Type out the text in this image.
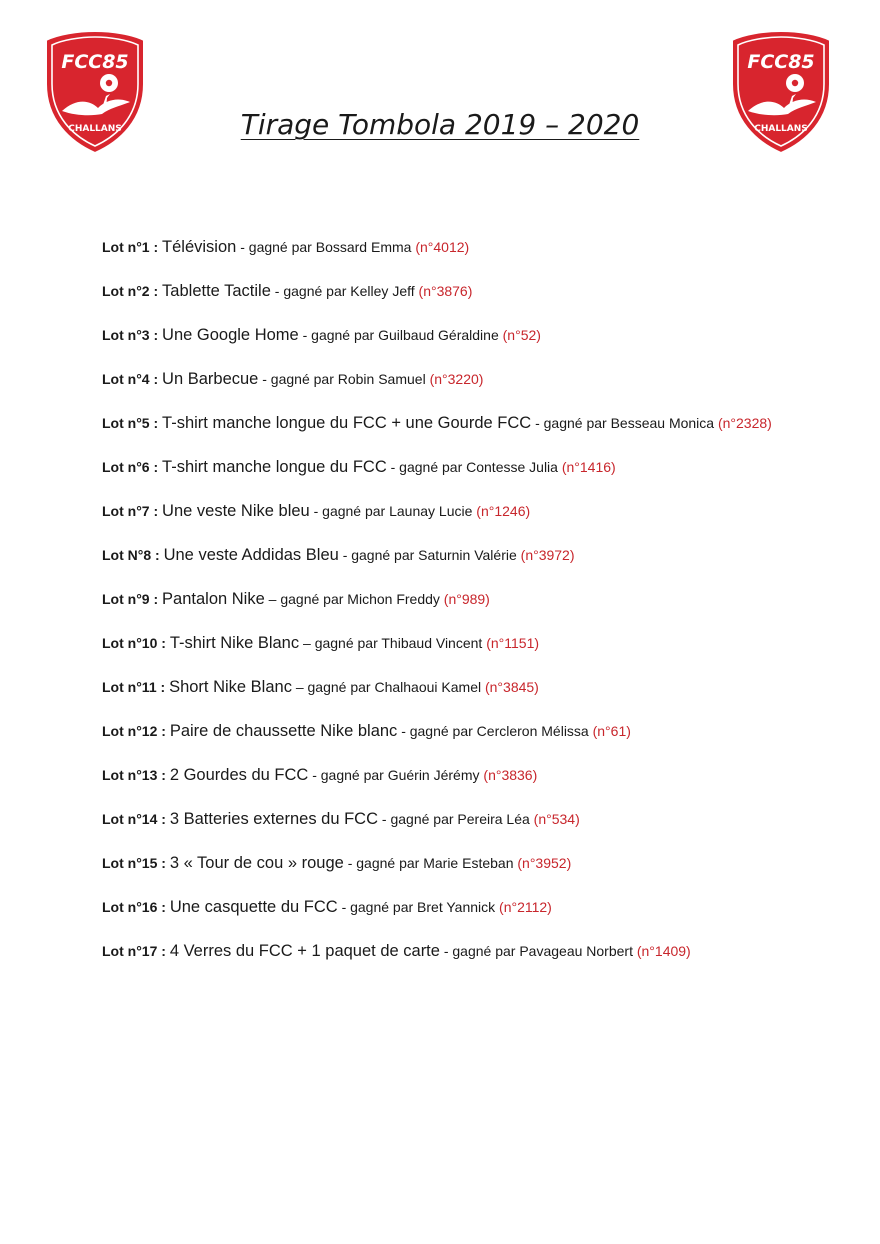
FCC85
CHALLANS
FCC85
CHALLANS
Tirage Tombola 2019 – 2020
Lot n°1 : Télévision - gagné par Bossard Emma (n°4012)
Lot n°2 : Tablette Tactile - gagné par Kelley Jeff (n°3876)
Lot n°3 : Une Google Home - gagné par Guilbaud Géraldine (n°52)
Lot n°4 : Un Barbecue - gagné par Robin Samuel (n°3220)
Lot n°5 : T-shirt manche longue du FCC + une Gourde FCC - gagné par Besseau Monica (n°2328)
Lot n°6 : T-shirt manche longue du FCC - gagné par Contesse Julia (n°1416)
Lot n°7 : Une veste Nike bleu - gagné par Launay Lucie (n°1246)
Lot N°8 : Une veste Addidas Bleu - gagné par Saturnin Valérie (n°3972)
Lot n°9 : Pantalon Nike – gagné par Michon Freddy (n°989)
Lot n°10 : T-shirt Nike Blanc – gagné par Thibaud Vincent (n°1151)
Lot n°11 : Short Nike Blanc – gagné par Chalhaoui Kamel (n°3845)
Lot n°12 : Paire de chaussette Nike blanc - gagné par Cercleron Mélissa (n°61)
Lot n°13 : 2 Gourdes du FCC - gagné par Guérin Jérémy (n°3836)
Lot n°14 : 3 Batteries externes du FCC - gagné par Pereira Léa (n°534)
Lot n°15 : 3 « Tour de cou » rouge - gagné par Marie Esteban (n°3952)
Lot n°16 : Une casquette du FCC - gagné par Bret Yannick (n°2112)
Lot n°17 : 4 Verres du FCC + 1 paquet de carte - gagné par Pavageau Norbert (n°1409)
